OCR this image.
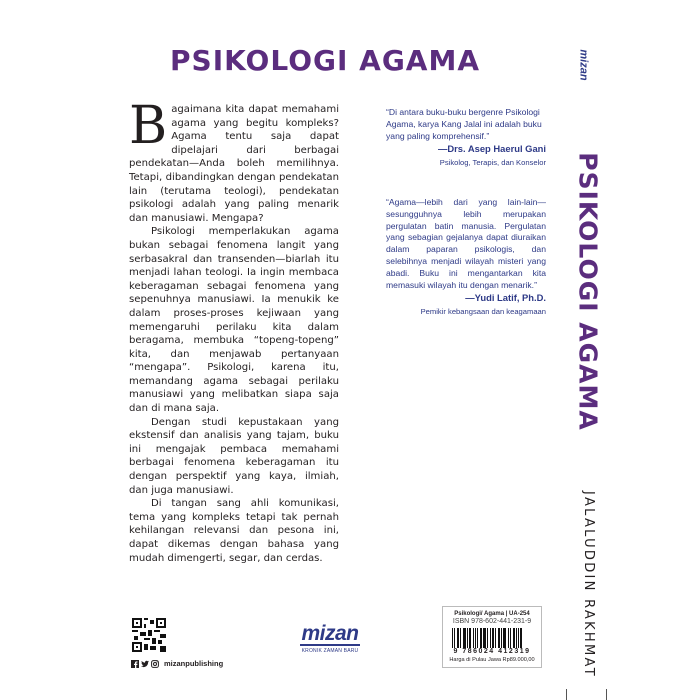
PSIKOLOGI AGAMA

Bagaimana kita dapat memahami agama yang begitu kompleks? Agama tentu saja dapat dipelajari dari berbagai pendekatan—Anda boleh memilihnya. Tetapi, dibandingkan dengan pendekatan lain (terutama teologi), pendekatan psikologi adalah yang paling menarik dan manusiawi. Mengapa?

Psikologi memperlakukan agama bukan sebagai fenomena langit yang serbasakral dan transenden—biarlah itu menjadi lahan teologi. Ia ingin membaca keberagaman sebagai fenomena yang sepenuhnya manusiawi. Ia menukik ke dalam proses-proses kejiwaan yang memengaruhi perilaku kita dalam beragama, membuka “topeng-topeng” kita, dan menjawab pertanyaan “mengapa”. Psikologi, karena itu, memandang agama sebagai perilaku manusiawi yang melibatkan siapa saja dan di mana saja.

Dengan studi kepustakaan yang ekstensif dan analisis yang tajam, buku ini mengajak pembaca memahami berbagai fenomena keberagaman itu dengan perspektif yang kaya, ilmiah, dan juga manusiawi.

Di tangan sang ahli komunikasi, tema yang kompleks tetapi tak pernah kehilangan relevansi dan pesona ini, dapat dikemas dengan bahasa yang mudah dimengerti, segar, dan cerdas.

“Di antara buku-buku bergenre Psikologi Agama, karya Kang Jalal ini adalah buku yang paling komprehensif.”
—Drs. Asep Haerul Gani
Psikolog, Terapis, dan Konselor
“Agama—lebih dari yang lain-lain—sesungguhnya lebih merupakan pergulatan batin manusia. Pergulatan yang sebagian gejalanya dapat diuraikan dalam paparan psikologis, dan selebihnya menjadi wilayah misteri yang abadi. Buku ini mengantarkan kita memasuki wilayah itu dengan menarik.”
—Yudi Latif, Ph.D.
Pemikir kebangsaan dan keagamaan
mizan
PSIKOLOGI AGAMA
JALALUDDIN RAKHMAT
mizanpublishing
mizan
KRONIK ZAMAN BARU
Psikologi/ Agama | UA-254
ISBN 978-602-441-231-9
9 786024 412319
Harga di Pulau Jawa Rp89.000,00
